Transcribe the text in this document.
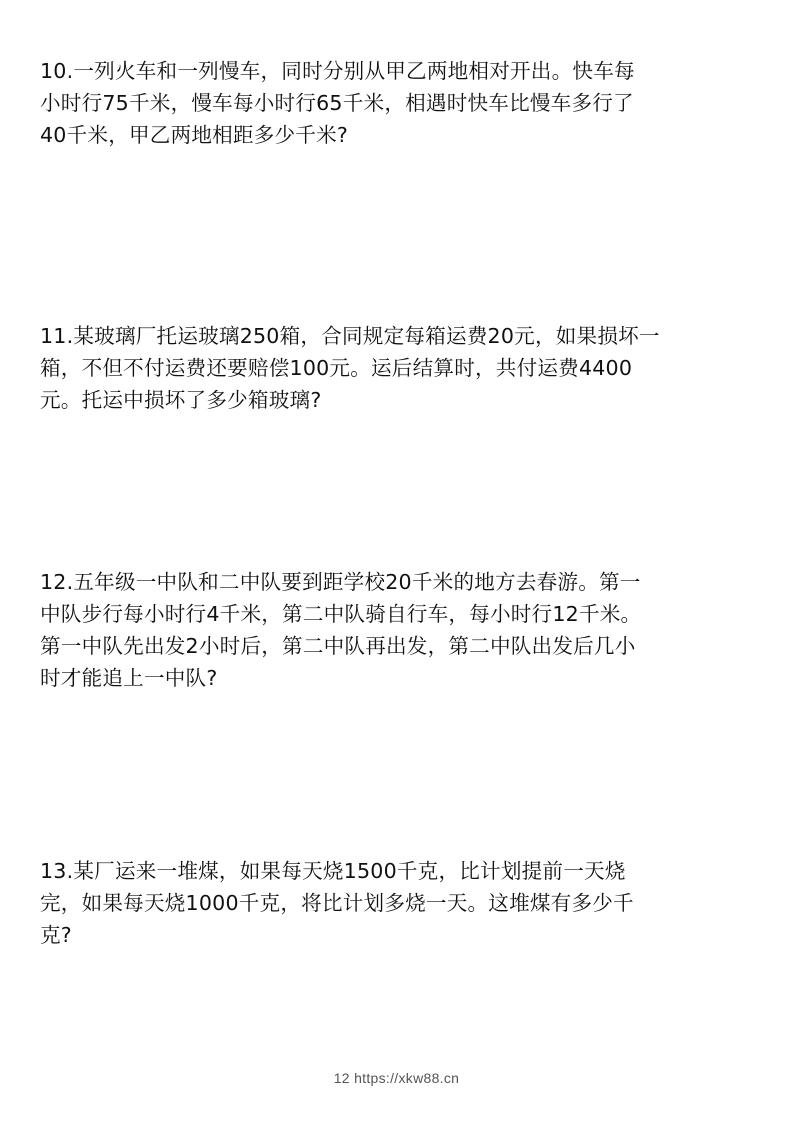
10.一列火车和一列慢车，同时分别从甲乙两地相对开出。快车每
小时行75千米，慢车每小时行65千米，相遇时快车比慢车多行了
40千米，甲乙两地相距多少千米?
11.某玻璃厂托运玻璃250箱，合同规定每箱运费20元，如果损坏一
箱，不但不付运费还要赔偿100元。运后结算时，共付运费4400
元。托运中损坏了多少箱玻璃?
12.五年级一中队和二中队要到距学校20千米的地方去春游。第一
中队步行每小时行4千米，第二中队骑自行车，每小时行12千米。
第一中队先出发2小时后，第二中队再出发，第二中队出发后几小
时才能追上一中队?
13.某厂运来一堆煤，如果每天烧1500千克，比计划提前一天烧
完，如果每天烧1000千克，将比计划多烧一天。这堆煤有多少千
克?
12 https://xkw88.cn
